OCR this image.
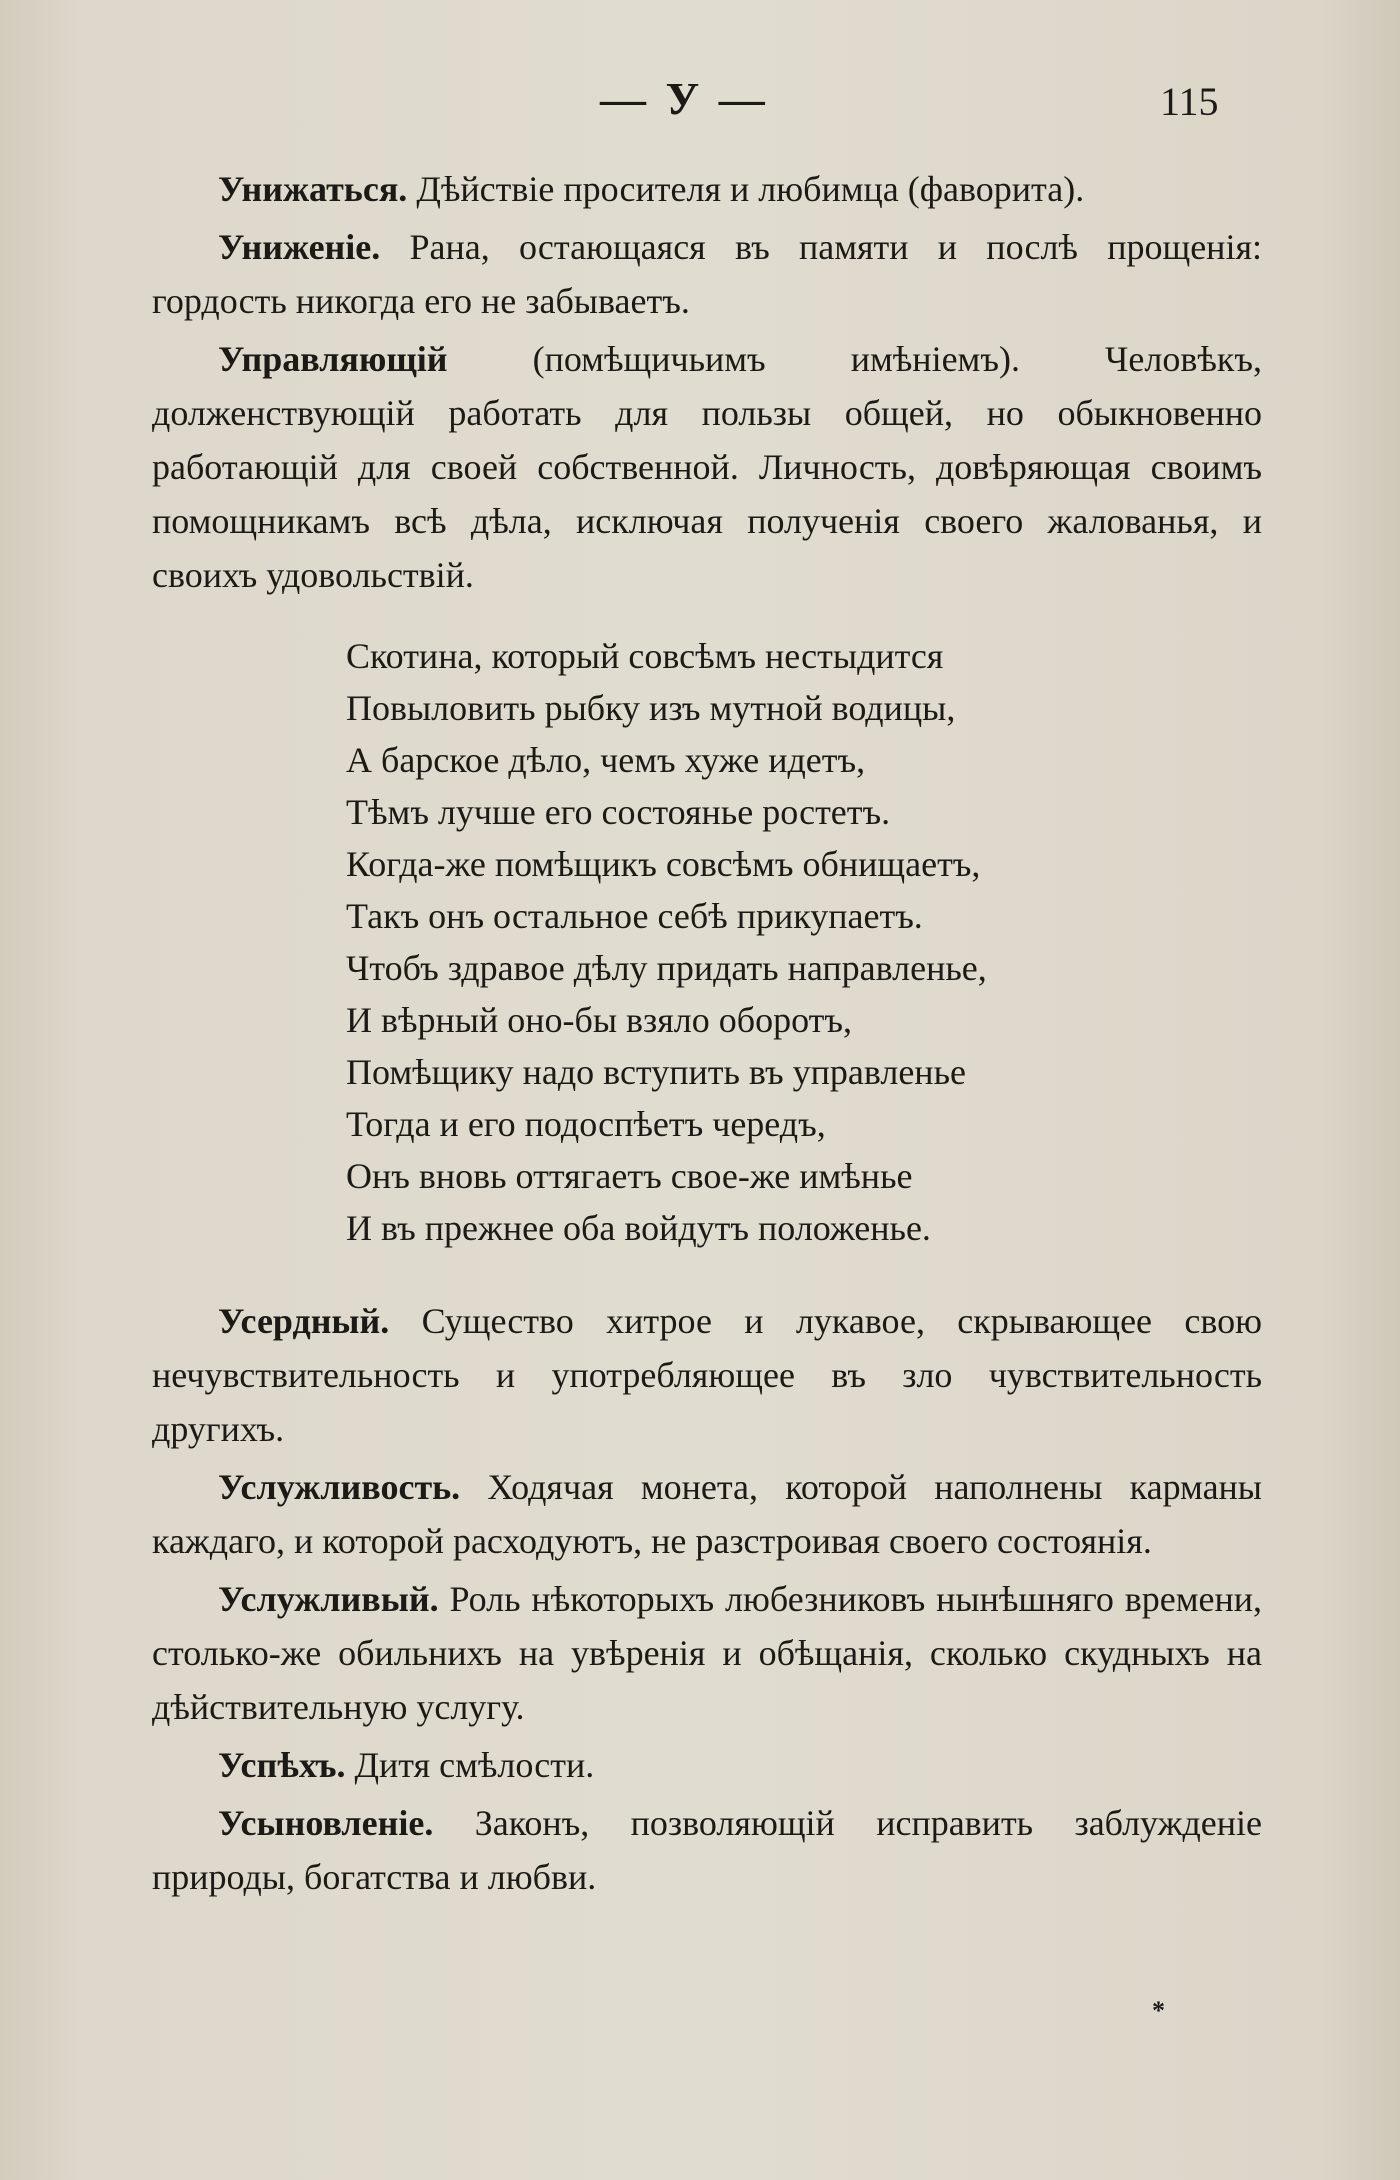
— У —	115

Унижаться. Дѣйствіе просителя и любимца (фаворита).

Униженіе. Рана, остающаяся въ памяти и послѣ прощенія: гордость никогда его не забываетъ.

Управляющій (помѣщичьимъ имѣніемъ). Человѣкъ, долженствующій работать для пользы общей, но обыкновенно работающій для своей собственной. Личность, довѣряющая своимъ помощникамъ всѣ дѣла, исключая полученія своего жалованья, и своихъ удовольствій.

Скотина, который совсѣмъ нестыдится

Повыловить рыбку изъ мутной водицы,

А барское дѣло, чемъ хуже идетъ,

Тѣмъ лучше его состоянье ростетъ.

Когда-же помѣщикъ совсѣмъ обнищаетъ,

Такъ онъ остальное себѣ прикупаетъ.

Чтобъ здравое дѣлу придать направленье,

И вѣрный оно-бы взяло оборотъ,

Помѣщику надо вступить въ управленье

Тогда и его подоспѣетъ чередъ,

Онъ вновь оттягаетъ свое-же имѣнье

И въ прежнее оба войдутъ положенье.

Усердный. Существо хитрое и лукавое, скрывающее свою нечувствительность и употребляющее въ зло чувствительность другихъ.

Услужливость. Ходячая монета, которой наполнены карманы каждаго, и которой расходуютъ, не разстроивая своего состоянія.

Услужливый. Роль нѣкоторыхъ любезниковъ нынѣшняго времени, столько-же обильнихъ на увѣренія и обѣщанія, сколько скудныхъ на дѣйствительную услугу.

Успѣхъ. Дитя смѣлости.

Усыновленіе. Законъ, позволяющій исправить заблужденіе природы, богатства и любви.

*
